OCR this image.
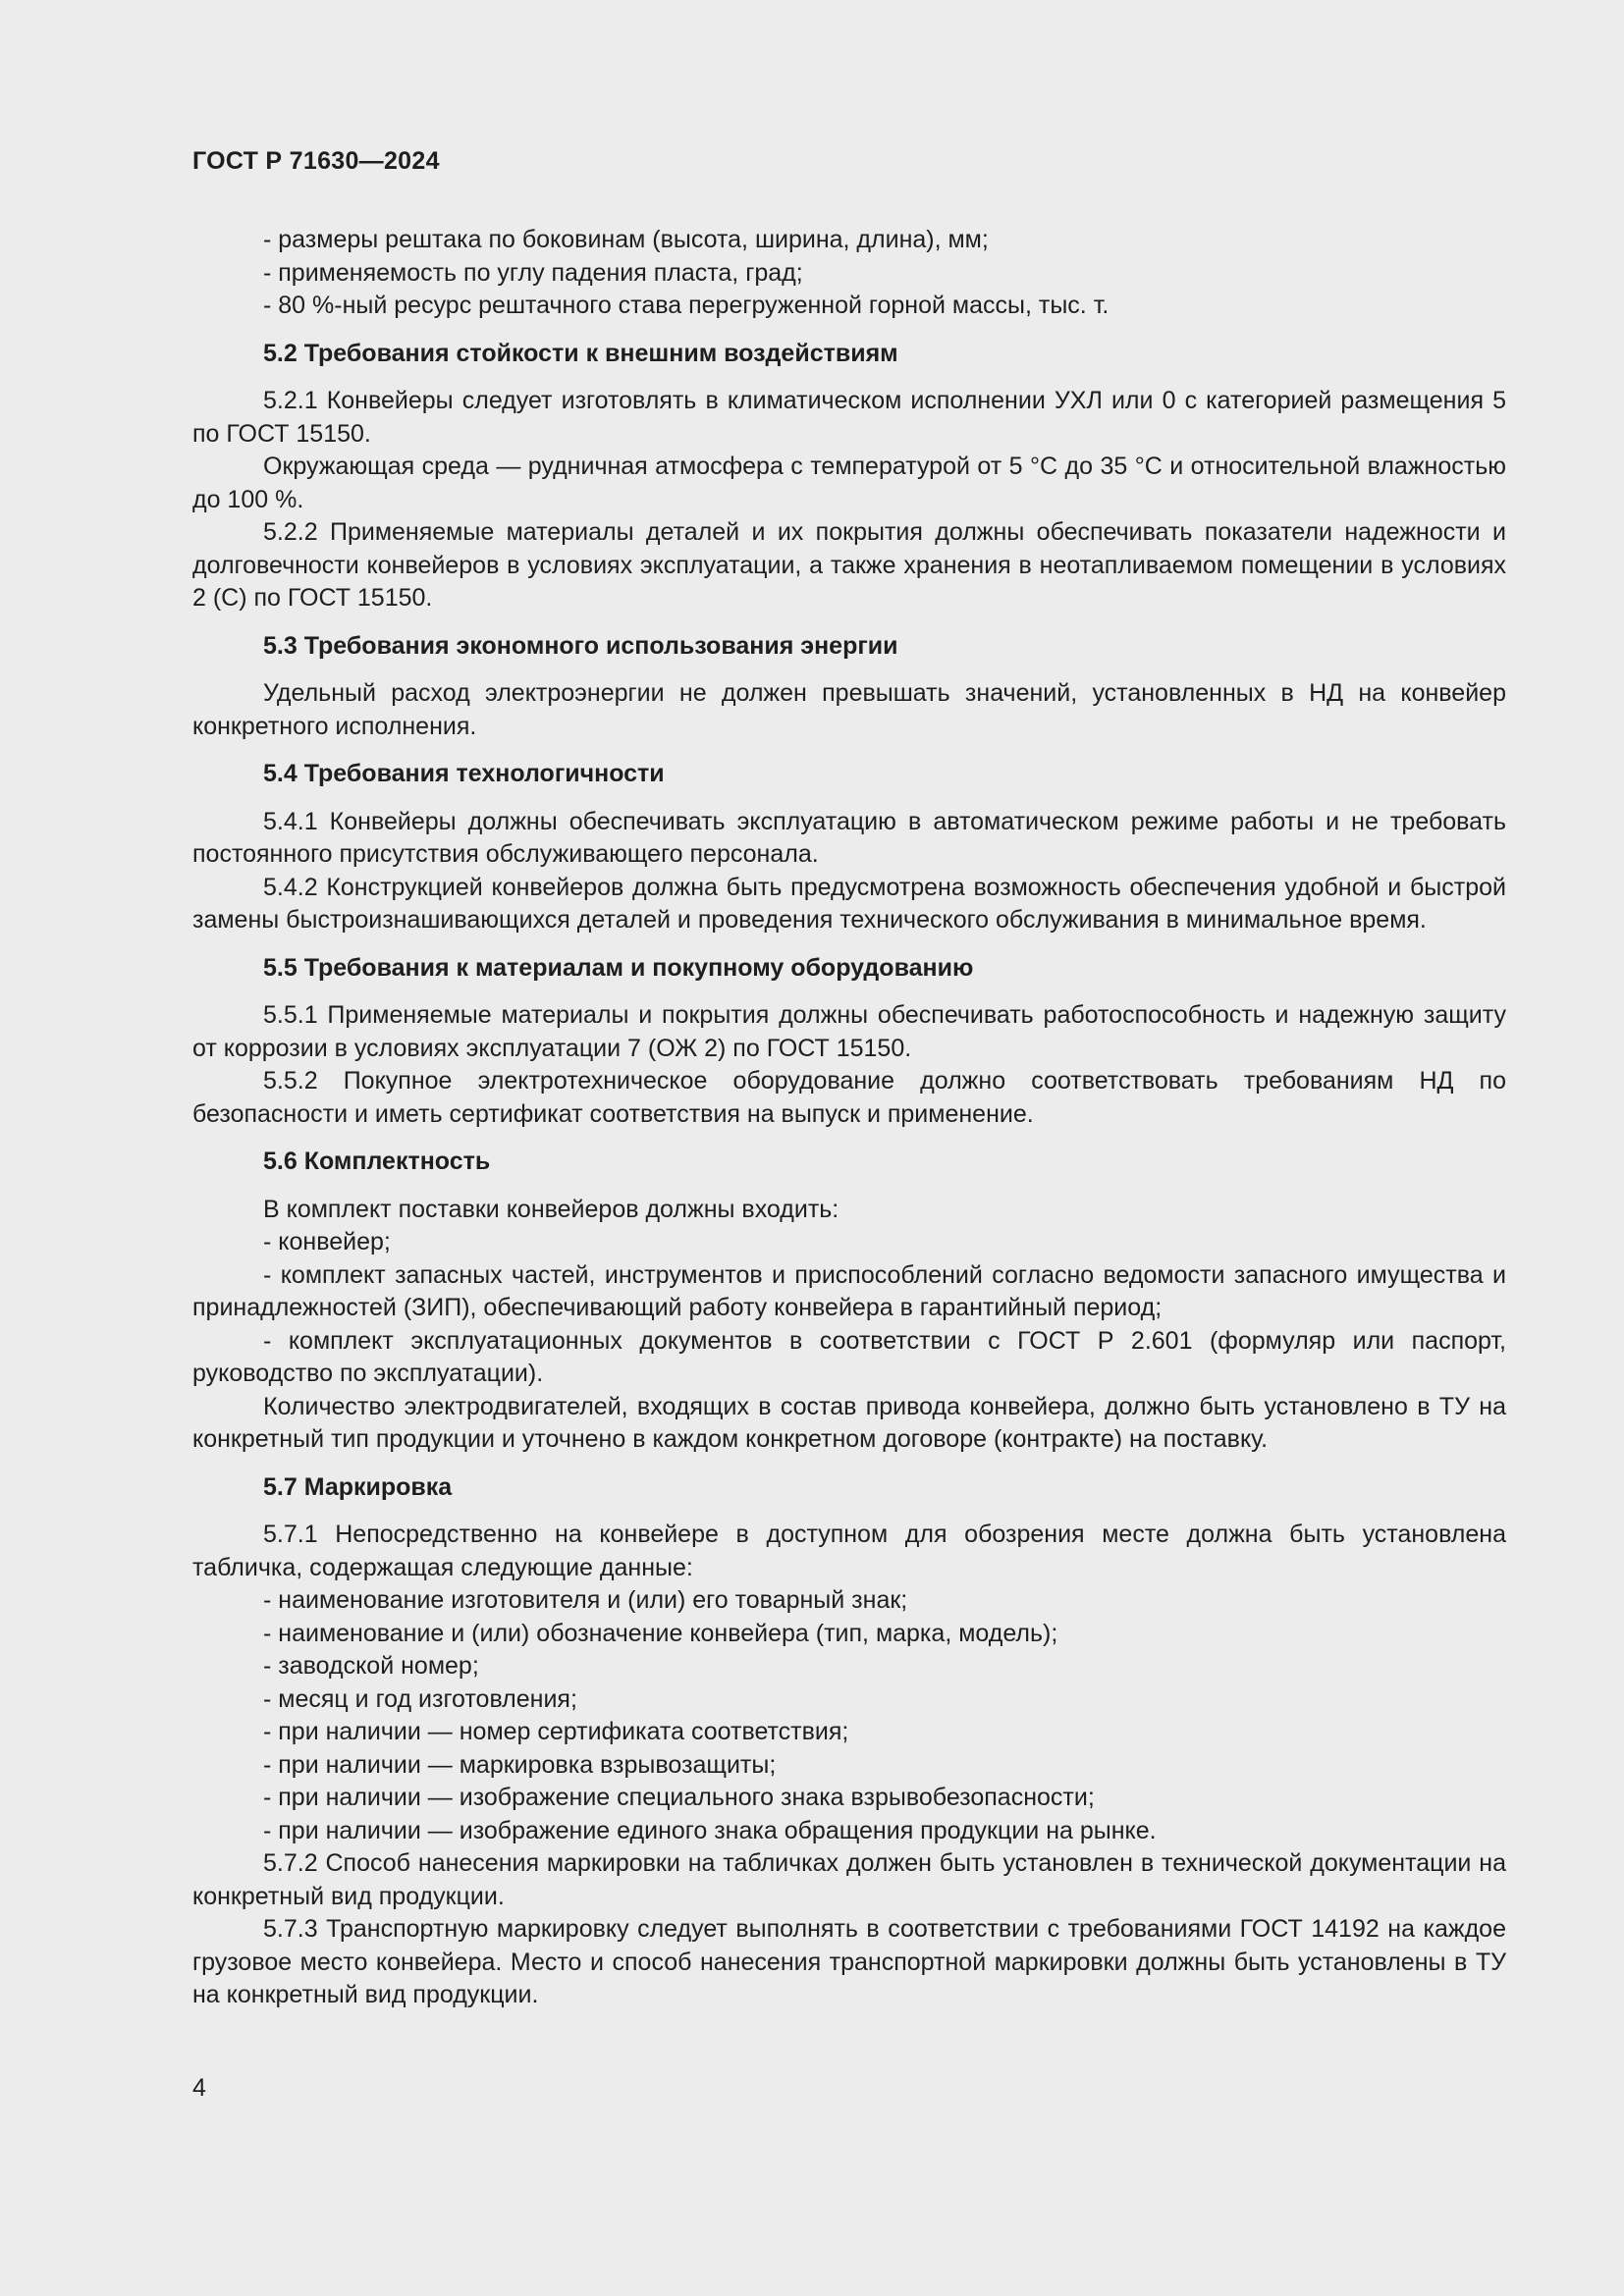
ГОСТ Р 71630—2024
- размеры рештака по боковинам (высота, ширина, длина), мм;
- применяемость по углу падения пласта, град;
- 80 %-ный ресурс рештачного става перегруженной горной массы, тыс. т.
5.2 Требования стойкости к внешним воздействиям
5.2.1 Конвейеры следует изготовлять в климатическом исполнении УХЛ или 0 с категорией размещения 5 по ГОСТ 15150.
Окружающая среда — рудничная атмосфера с температурой от 5 °C до 35 °C и относительной влажностью до 100 %.
5.2.2 Применяемые материалы деталей и их покрытия должны обеспечивать показатели надежности и долговечности конвейеров в условиях эксплуатации, а также хранения в неотапливаемом помещении в условиях 2 (С) по ГОСТ 15150.
5.3 Требования экономного использования энергии
Удельный расход электроэнергии не должен превышать значений, установленных в НД на конвейер конкретного исполнения.
5.4 Требования технологичности
5.4.1 Конвейеры должны обеспечивать эксплуатацию в автоматическом режиме работы и не требовать постоянного присутствия обслуживающего персонала.
5.4.2 Конструкцией конвейеров должна быть предусмотрена возможность обеспечения удобной и быстрой замены быстроизнашивающихся деталей и проведения технического обслуживания в минимальное время.
5.5 Требования к материалам и покупному оборудованию
5.5.1 Применяемые материалы и покрытия должны обеспечивать работоспособность и надежную защиту от коррозии в условиях эксплуатации 7 (ОЖ 2) по ГОСТ 15150.
5.5.2 Покупное электротехническое оборудование должно соответствовать требованиям НД по безопасности и иметь сертификат соответствия на выпуск и применение.
5.6 Комплектность
В комплект поставки конвейеров должны входить:
- конвейер;
- комплект запасных частей, инструментов и приспособлений согласно ведомости запасного имущества и принадлежностей (ЗИП), обеспечивающий работу конвейера в гарантийный период;
- комплект эксплуатационных документов в соответствии с ГОСТ Р 2.601 (формуляр или паспорт, руководство по эксплуатации).
Количество электродвигателей, входящих в состав привода конвейера, должно быть установлено в ТУ на конкретный тип продукции и уточнено в каждом конкретном договоре (контракте) на поставку.
5.7 Маркировка
5.7.1 Непосредственно на конвейере в доступном для обозрения месте должна быть установлена табличка, содержащая следующие данные:
- наименование изготовителя и (или) его товарный знак;
- наименование и (или) обозначение конвейера (тип, марка, модель);
- заводской номер;
- месяц и год изготовления;
- при наличии — номер сертификата соответствия;
- при наличии — маркировка взрывозащиты;
- при наличии — изображение специального знака взрывобезопасности;
- при наличии — изображение единого знака обращения продукции на рынке.
5.7.2 Способ нанесения маркировки на табличках должен быть установлен в технической документации на конкретный вид продукции.
5.7.3 Транспортную маркировку следует выполнять в соответствии с требованиями ГОСТ 14192 на каждое грузовое место конвейера. Место и способ нанесения транспортной маркировки должны быть установлены в ТУ на конкретный вид продукции.
4
